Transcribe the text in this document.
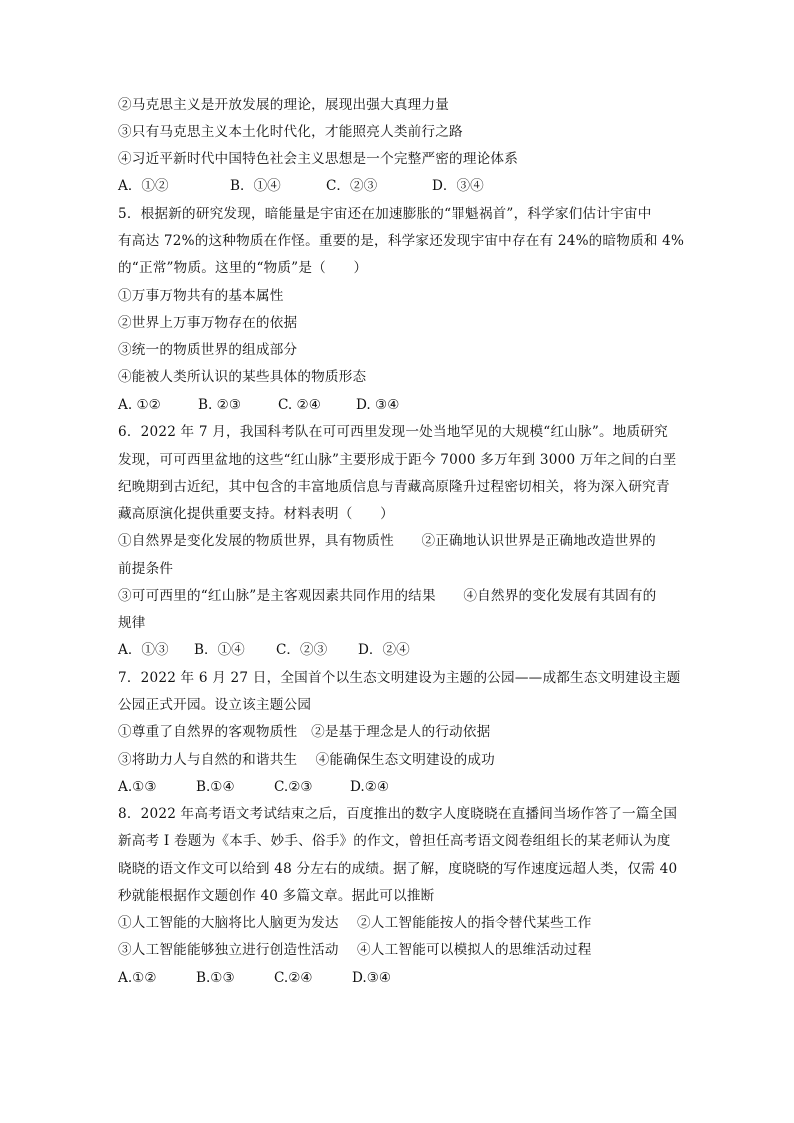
②马克思主义是开放发展的理论，展现出强大真理力量
③只有马克思主义本土化时代化，才能照亮人类前行之路
④习近平新时代中国特色社会主义思想是一个完整严密的理论体系
A．①②	B．①④	C．②③	D．③④
5．根据新的研究发现，暗能量是宇宙还在加速膨胀的“罪魁祸首”，科学家们估计宇宙中
有高达 72%的这种物质在作怪。重要的是，科学家还发现宇宙中存在有 24%的暗物质和 4%
的“正常”物质。这里的“物质”是（　　）
①万事万物共有的基本属性
②世界上万事万物存在的依据
③统一的物质世界的组成部分
④能被人类所认识的某些具体的物质形态
A. ①②	B. ②③	C. ②④	D. ③④
6．2022 年 7 月，我国科考队在可可西里发现一处当地罕见的大规模“红山脉”。地质研究
发现，可可西里盆地的这些“红山脉”主要形成于距今 7000 多万年到 3000 万年之间的白垩
纪晚期到古近纪，其中包含的丰富地质信息与青藏高原隆升过程密切相关，将为深入研究青
藏高原演化提供重要支持。材料表明（　　）
①自然界是变化发展的物质世界，具有物质性　　②正确地认识世界是正确地改造世界的
前提条件
③可可西里的“红山脉”是主客观因素共同作用的结果　　④自然界的变化发展有其固有的
规律
A．①③ B．①④ C．②③ D．②④
7．2022 年 6 月 27 日，全国首个以生态文明建设为主题的公园——成都生态文明建设主题
公园正式开园。设立该主题公园
①尊重了自然界的客观物质性　②是基于理念是人的行动依据
③将助力人与自然的和谐共生　 ④能确保生态文明建设的成功
A.①③	B.①④	C.②③	D.②④
8．2022 年高考语文考试结束之后，百度推出的数字人度晓晓在直播间当场作答了一篇全国
新高考 I 卷题为《本手、妙手、俗手》的作文，曾担任高考语文阅卷组组长的某老师认为度
晓晓的语文作文可以给到 48 分左右的成绩。据了解，度晓晓的写作速度远超人类，仅需 40
秒就能根据作文题创作 40 多篇文章。据此可以推断
①人工智能的大脑将比人脑更为发达　 ②人工智能能按人的指令替代某些工作
③人工智能能够独立进行创造性活动　 ④人工智能可以模拟人的思维活动过程
A.①②	B.①③	C.②④	D.③④
